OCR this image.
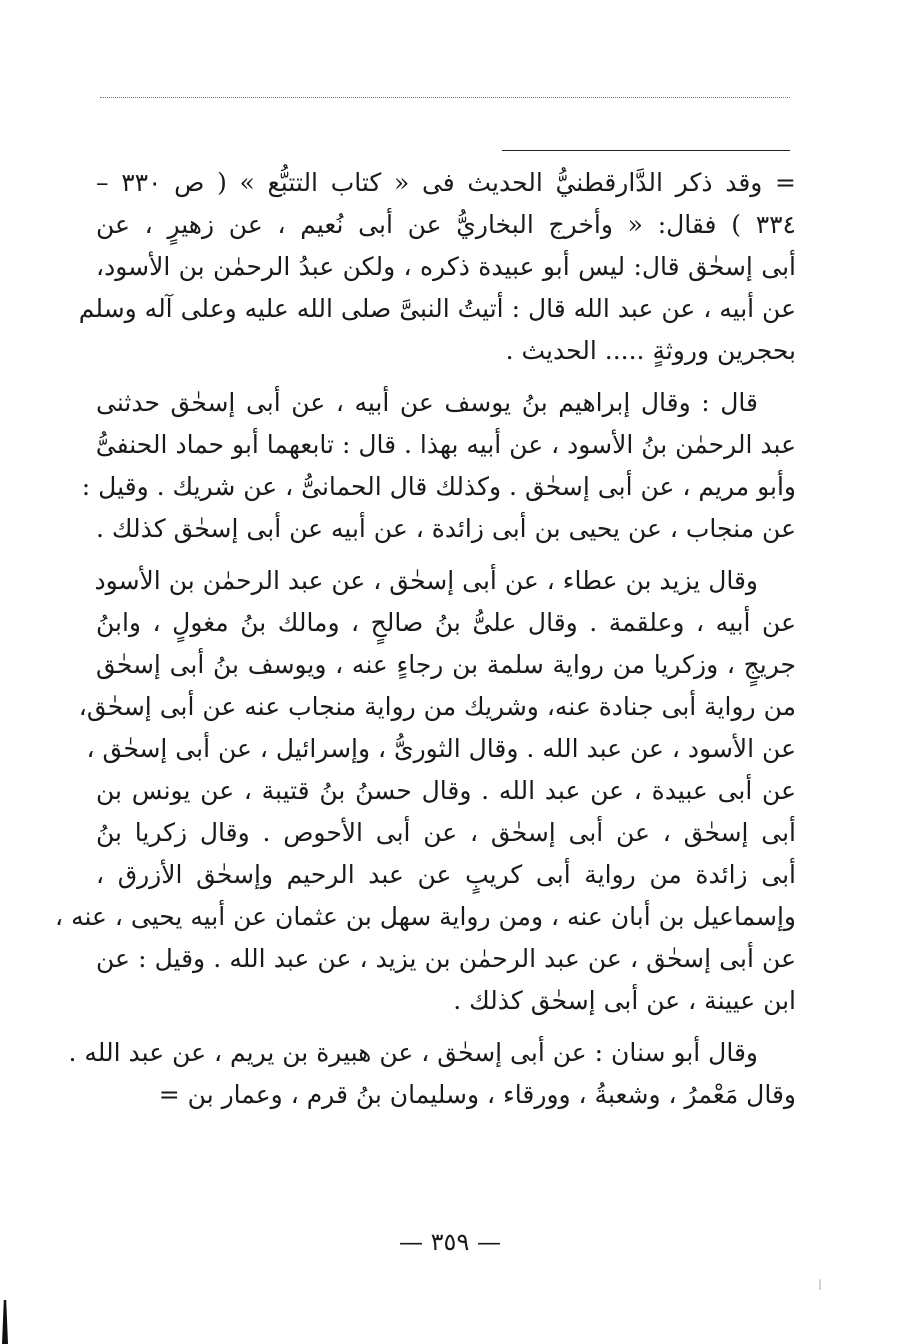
= وقد ذكر الدَّارقطنيُّ الحديث فى « كتاب التتبُّع » ( ص ٣٣٠ –
٣٣٤ ) فقال: « وأخرج البخاريُّ عن أبى نُعيم ، عن زهيرٍ ، عن
أبى إسحٰق قال: ليس أبو عبيدة ذكره ، ولكن عبدُ الرحمٰن بن الأسود،
عن أبيه ، عن عبد الله قال : أتيتُ النبىَّ صلى الله عليه وعلى آله وسلم
بحجرين وروثةٍ ..... الحديث .
قال : وقال إبراهيم بنُ يوسف عن أبيه ، عن أبى إسحٰق حدثنى
عبد الرحمٰن بنُ الأسود ، عن أبيه بهذا . قال : تابعهما أبو حماد الحنفىُّ
وأبو مريم ، عن أبى إسحٰق . وكذلك قال الحمانىُّ ، عن شريك . وقيل :
عن منجاب ، عن يحيى بن أبى زائدة ، عن أبيه عن أبى إسحٰق كذلك .
وقال يزيد بن عطاء ، عن أبى إسحٰق ، عن عبد الرحمٰن بن الأسود
عن أبيه ، وعلقمة . وقال علىُّ بنُ صالحٍ ، ومالك بنُ مغولٍ ، وابنُ
جريجٍ ، وزكريا من رواية سلمة بن رجاءٍ عنه ، ويوسف بنُ أبى إسحٰق
من رواية أبى جنادة عنه، وشريك من رواية منجاب عنه عن أبى إسحٰق،
عن الأسود ، عن عبد الله . وقال الثورىُّ ، وإسرائيل ، عن أبى إسحٰق ،
عن أبى عبيدة ، عن عبد الله . وقال حسنُ بنُ قتيبة ، عن يونس بن
أبى إسحٰق ، عن أبى إسحٰق ، عن أبى الأحوص . وقال زكريا بنُ
أبى زائدة من رواية أبى كريبٍ عن عبد الرحيم وإسحٰق الأزرق ،
وإسماعيل بن أبان عنه ، ومن رواية سهل بن عثمان عن أبيه يحيى ، عنه ،
عن أبى إسحٰق ، عن عبد الرحمٰن بن يزيد ، عن عبد الله . وقيل : عن
ابن عيينة ، عن أبى إسحٰق كذلك .
وقال أبو سنان : عن أبى إسحٰق ، عن هبيرة بن يريم ، عن عبد الله .
وقال مَعْمرُ ، وشعبةُ ، وورقاء ، وسليمان بنُ قرم ، وعمار بن =
— ٣٥٩ —
ﺍ
